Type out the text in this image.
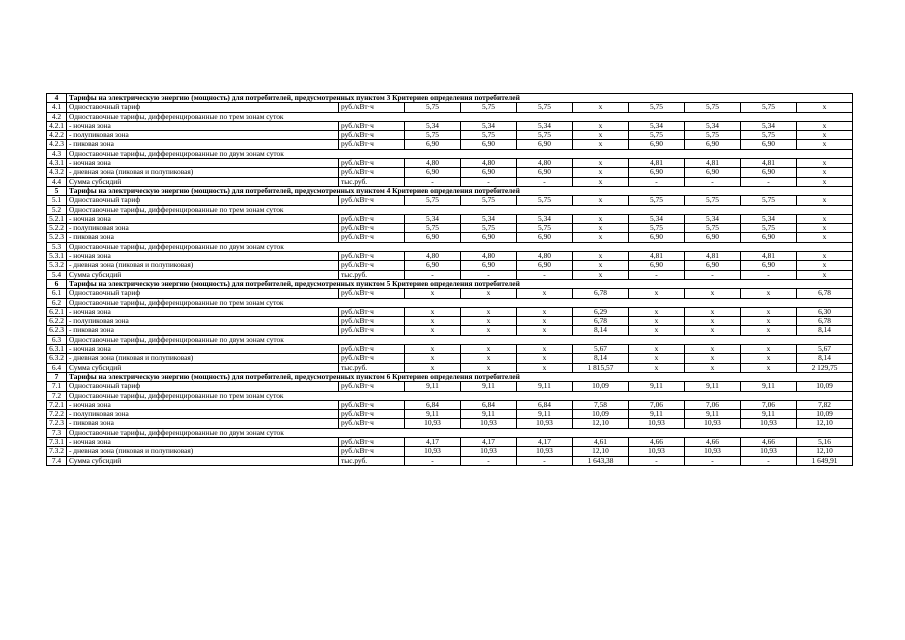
4	Тарифы на электрическую энергию (мощность) для потребителей, предусмотренных пунктом 3 Критериев определения потребителей									
4.1	Одноставочный тариф	руб./кВт·ч	5,75	5,75	5,75	x	5,75	5,75	5,75	x
4.2	Одноставочные тарифы, дифференцированные по трем зонам суток									
4.2.1	- ночная зона	руб./кВт·ч	5,34	5,34	5,34	x	5,34	5,34	5,34	x
4.2.2	- полупиковая зона	руб./кВт·ч	5,75	5,75	5,75	x	5,75	5,75	5,75	x
4.2.3	- пиковая зона	руб./кВт·ч	6,90	6,90	6,90	x	6,90	6,90	6,90	x
4.3	Одноставочные тарифы, дифференцированные по двум зонам суток									
4.3.1	- ночная зона	руб./кВт·ч	4,80	4,80	4,80	x	4,81	4,81	4,81	x
4.3.2	- дневная зона (пиковая и полупиковая)	руб./кВт·ч	6,90	6,90	6,90	x	6,90	6,90	6,90	x
4.4	Сумма субсидий	тыс.руб.	-	-	-	x	-	-	-	x
5	Тарифы на электрическую энергию (мощность) для потребителей, предусмотренных пунктом 4 Критериев определения потребителей									
5.1	Одноставочный тариф	руб./кВт·ч	5,75	5,75	5,75	x	5,75	5,75	5,75	x
5.2	Одноставочные тарифы, дифференцированные по трем зонам суток									
5.2.1	- ночная зона	руб./кВт·ч	5,34	5,34	5,34	x	5,34	5,34	5,34	x
5.2.2	- полупиковая зона	руб./кВт·ч	5,75	5,75	5,75	x	5,75	5,75	5,75	x
5.2.3	- пиковая зона	руб./кВт·ч	6,90	6,90	6,90	x	6,90	6,90	6,90	x
5.3	Одноставочные тарифы, дифференцированные по двум зонам суток									
5.3.1	- ночная зона	руб./кВт·ч	4,80	4,80	4,80	x	4,81	4,81	4,81	x
5.3.2	- дневная зона (пиковая и полупиковая)	руб./кВт·ч	6,90	6,90	6,90	x	6,90	6,90	6,90	x
5.4	Сумма субсидий	тыс.руб.	-	-	-	x	-	-	-	x
6	Тарифы на электрическую энергию (мощность) для потребителей, предусмотренных пунктом 5 Критериев определения потребителей									
6.1	Одноставочный тариф	руб./кВт·ч	x	x	x	6,78	x	x	x	6,78
6.2	Одноставочные тарифы, дифференцированные по трем зонам суток									
6.2.1	- ночная зона	руб./кВт·ч	x	x	x	6,29	x	x	x	6,30
6.2.2	- полупиковая зона	руб./кВт·ч	x	x	x	6,78	x	x	x	6,78
6.2.3	- пиковая зона	руб./кВт·ч	x	x	x	8,14	x	x	x	8,14
6.3	Одноставочные тарифы, дифференцированные по двум зонам суток									
6.3.1	- ночная зона	руб./кВт·ч	x	x	x	5,67	x	x	x	5,67
6.3.2	- дневная зона (пиковая и полупиковая)	руб./кВт·ч	x	x	x	8,14	x	x	x	8,14
6.4	Сумма субсидий	тыс.руб.	x	x	x	1 815,57	x	x	x	2 129,75
7	Тарифы на электрическую энергию (мощность) для потребителей, предусмотренных пунктом 6 Критериев определения потребителей									
7.1	Одноставочный тариф	руб./кВт·ч	9,11	9,11	9,11	10,09	9,11	9,11	9,11	10,09
7.2	Одноставочные тарифы, дифференцированные по трем зонам суток									
7.2.1	- ночная зона	руб./кВт·ч	6,84	6,84	6,84	7,58	7,06	7,06	7,06	7,82
7.2.2	- полупиковая зона	руб./кВт·ч	9,11	9,11	9,11	10,09	9,11	9,11	9,11	10,09
7.2.3	- пиковая зона	руб./кВт·ч	10,93	10,93	10,93	12,10	10,93	10,93	10,93	12,10
7.3	Одноставочные тарифы, дифференцированные по двум зонам суток									
7.3.1	- ночная зона	руб./кВт·ч	4,17	4,17	4,17	4,61	4,66	4,66	4,66	5,16
7.3.2	- дневная зона (пиковая и полупиковая)	руб./кВт·ч	10,93	10,93	10,93	12,10	10,93	10,93	10,93	12,10
7.4	Сумма субсидий	тыс.руб.	-	-	-	1 643,38	-	-	-	1 649,91
